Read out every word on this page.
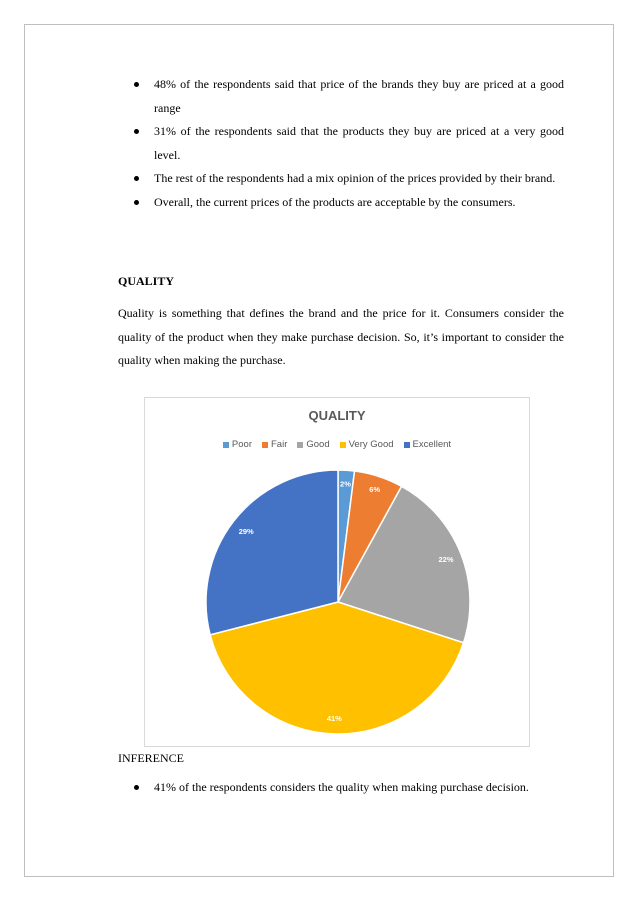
48% of the respondents said that price of the brands they buy are priced at a good range
31% of the respondents said that the products they buy are priced at a very good level.
The rest of the respondents had a mix opinion of the prices provided by their brand.
Overall, the current prices of the products are acceptable by the consumers.
QUALITY

Quality is something that defines the brand and the price for it. Consumers consider the quality of the product when they make purchase decision. So, it’s important to consider the quality when making the purchase.

QUALITY
Poor Fair Good Very Good Excellent
2%
6%
22%
41%
29%
INFERENCE
41% of the respondents considers the quality when making purchase decision.
